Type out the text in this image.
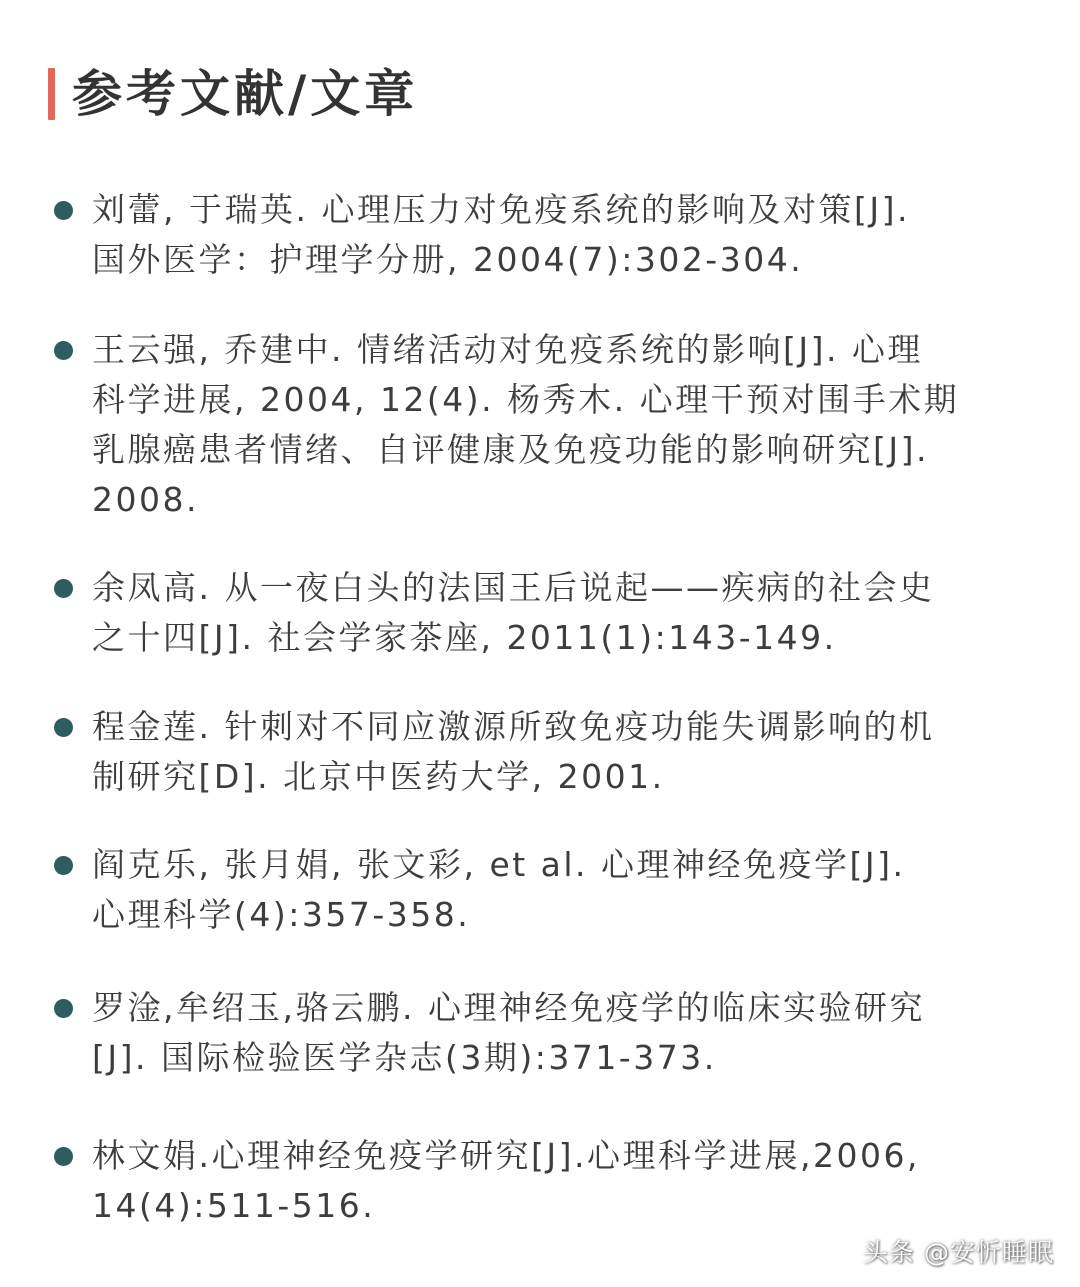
参考文献/文章
刘蕾, 于瑞英. 心理压力对免疫系统的影响及对策[J].
国外医学：护理学分册, 2004(7):302-304.
王云强, 乔建中. 情绪活动对免疫系统的影响[J]. 心理
科学进展, 2004, 12(4). 杨秀木. 心理干预对围手术期
乳腺癌患者情绪、自评健康及免疫功能的影响研究[J].
2008.
余凤高. 从一夜白头的法国王后说起——疾病的社会史
之十四[J]. 社会学家茶座, 2011(1):143-149.
程金莲. 针刺对不同应激源所致免疫功能失调影响的机
制研究[D]. 北京中医药大学, 2001.
阎克乐, 张月娟, 张文彩, et al. 心理神经免疫学[J].
心理科学(4):357-358.
罗淦,牟绍玉,骆云鹏. 心理神经免疫学的临床实验研究
[J]. 国际检验医学杂志(3期):371-373.
林文娟.心理神经免疫学研究[J].心理科学进展,2006,
14(4):511-516.
头条 @安忻睡眠
